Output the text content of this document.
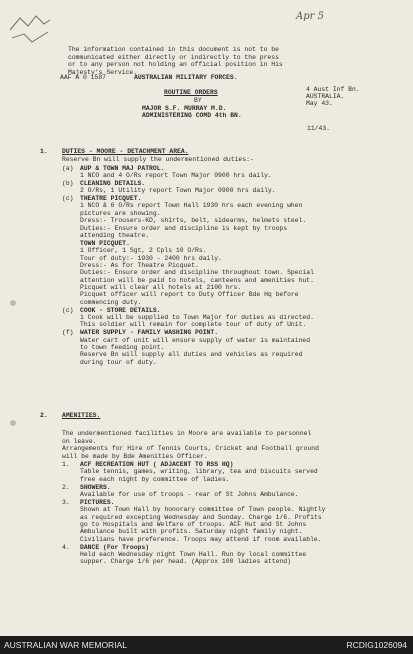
Apr 5
The information contained in this document is not to be
communicated either directly or indirectly to the press
or to any person not holding an official position in His
Majesty's Service.
AAF A 0 1587	AUSTRALIAN MILITARY FORCES.
4 Aust Inf Bn.
AUSTRALIA.
May 43.
ROUTINE ORDERS
BY
MAJOR S.F. MURRAY M.D.
ADMINISTERING COMD 4th BN.
11/43.
1. DUTIES - MOORE - DETACHMENT AREA.
Reserve Bn will supply the undermentioned duties:-
(a) AUP & TOWN MAJ PATROL.
1 NCO and 4 O/Rs report Town Major 0900 hrs daily.
(b) CLEANING DETAILS.
2 O/Rs, 1 Utility report Town Major 0900 hrs daily.
(c) THEATRE PICQUET.
1 NCO & 6 O/Rs report Town Hall 1930 hrs each evening when
pictures are showing.
Dress:- Trousers-KD, shirts, belt, sidearms, helmets steel.
Duties:- Ensure order and discipline is kept by troops
attending theatre.
TOWN PICQUET.
1 Officer, 1 Sgt, 2 Cpls 10 O/Rs.
Tour of duty:- 1930 - 2400 hrs daily.
Dress:- As for Theatre Picquet.
Duties:- Ensure order and discipline throughout town. Special
attention will be paid to hotels, canteens and amenities hut.
Picquet will clear all hotels at 2100 hrs.
Picquet officer will report to Duty Officer Bde Hq before
commencing duty.
(c) COOK - STORE DETAILS.
1 Cook will be supplied to Town Major for duties as directed.
This soldier will remain for complete tour of duty of Unit.
(f) WATER SUPPLY - FAMILY WASHING POINT.
Water cart of unit will ensure supply of water is maintained
to town feeding point.
Reserve Bn will supply all duties and vehicles as required
during tour of duty.
2. AMENITIES.
The undermentioned facilities in Moore are available to personnel
on leave.
Arrangements for Hire of Tennis Courts, Cricket and Football ground
will be made by Bde Amenities Officer.
1. ACF RECREATION HUT ( ADJACENT TO RSS HQ)
Table tennis, games, writing, library, tea and biscuits served
free each night by committee of ladies.
2. SHOWERS.
Available for use of troops - rear of St Johns Ambulance.
3. PICTURES.
Shown at Town Hall by honorary committee of Town people. Nightly
as required excepting Wednesday and Sunday. Charge 1/6. Profits
go to Hospitals and Welfare of troops. ACF Hut and St Johns
Ambulance built with profits. Saturday night family night.
Civilians have preference. Troops may attend if room available.
4. DANCE (For Troops)
Held each Wednesday night Town Hall. Run by local committee
supper. Charge 1/6 per head. (Approx 100 ladies attend)
AUSTRALIAN WAR MEMORIAL	RCDIG1026094
